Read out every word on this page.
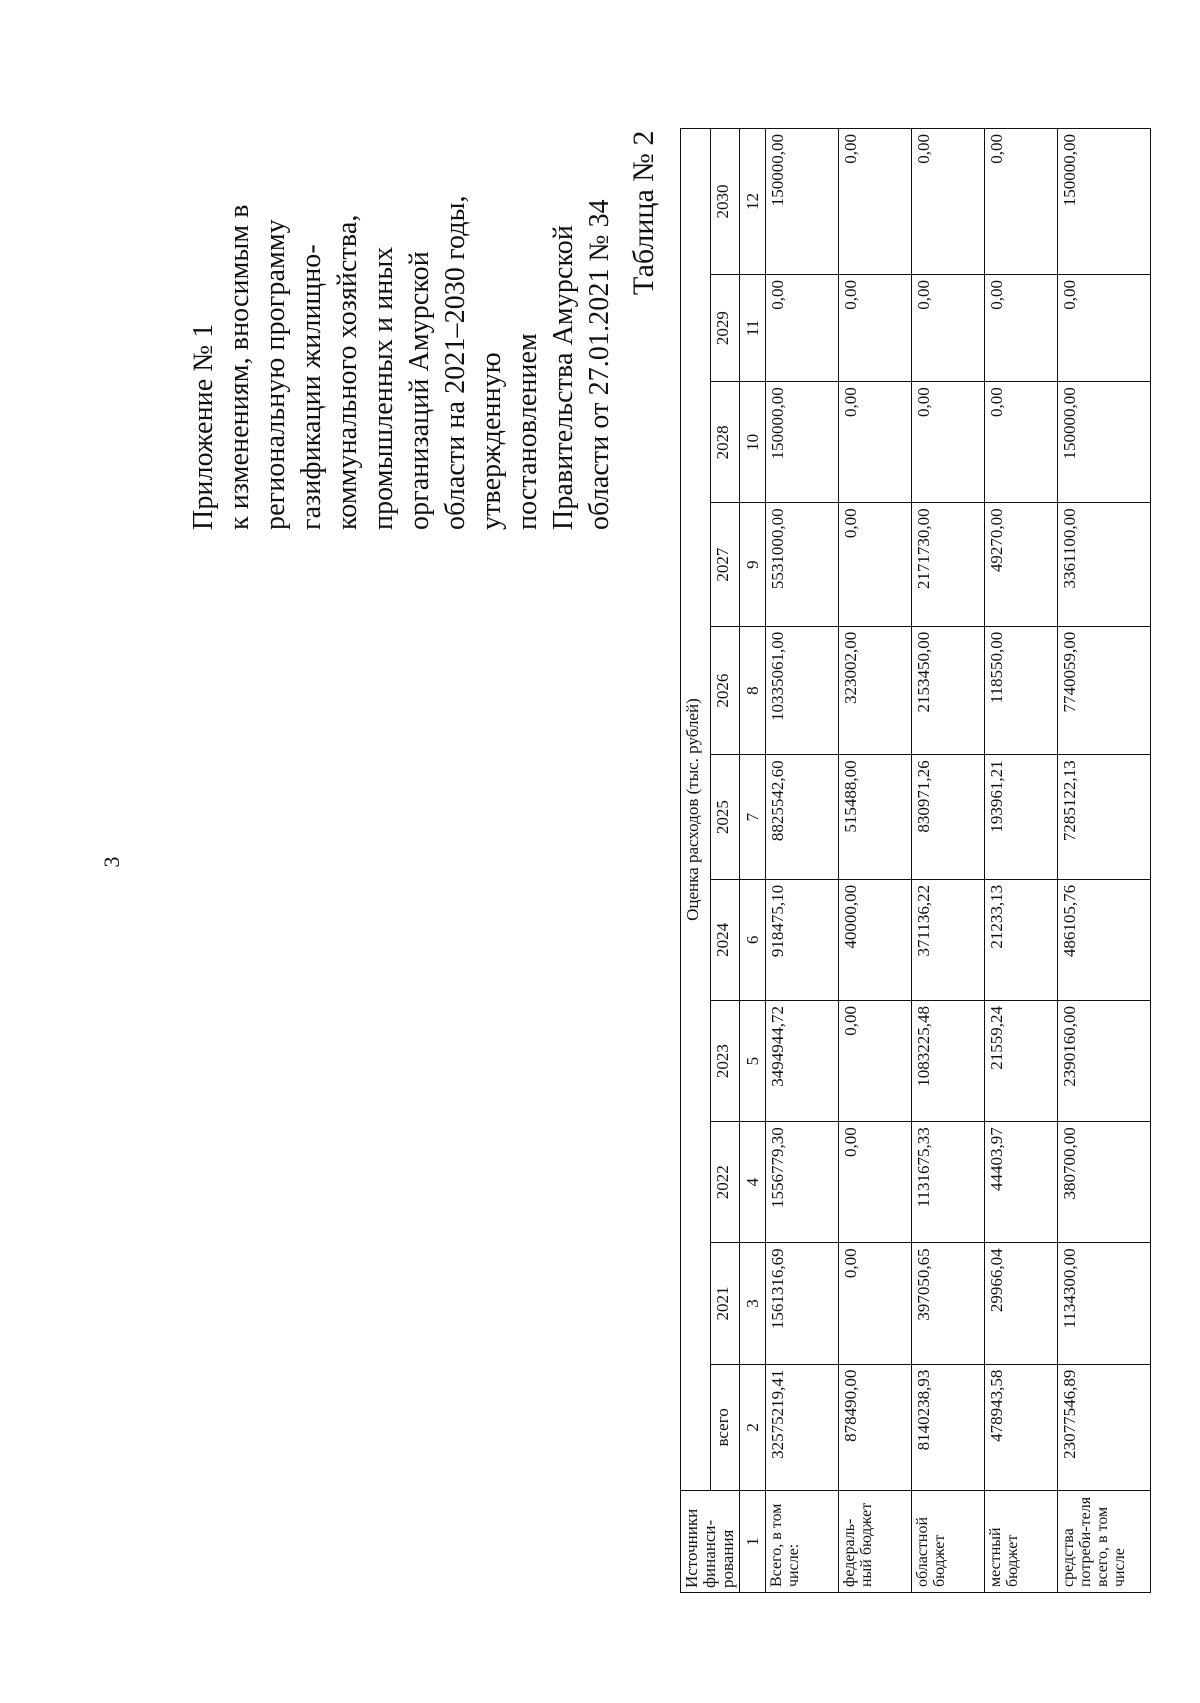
3
Приложение № 1 к изменениям, вносимым в региональную программу газификации жилищно- коммунального хозяйства, промышленных и иных организаций Амурской области на 2021–2030 годы, утвержденную постановлением Правительства Амурской области от 27.01.2021 № 34 Таблица № 2
Источники финанси-рования	Оценка расходов (тыс. рублей)										
	всего	2021	2022	2023	2024	2025	2026	2027	2028	2029	2030
1	2	3	4	5	6	7	8	9	10	11	12
Всего, в том числе:	32575219,41	1561316,69	1556779,30	3494944,72	918475,10	8825542,60	10335061,00	5531000,00	150000,00	0,00	150000,00
федераль-ный бюджет	878490,00	0,00	0,00	0,00	40000,00	515488,00	323002,00	0,00	0,00	0,00	0,00
областной бюджет	8140238,93	397050,65	1131675,33	1083225,48	371136,22	830971,26	2153450,00	2171730,00	0,00	0,00	0,00
местный бюджет	478943,58	29966,04	44403,97	21559,24	21233,13	193961,21	118550,00	49270,00	0,00	0,00	0,00
средства потреби-теля всего, в том числе	23077546,89	1134300,00	380700,00	2390160,00	486105,76	7285122,13	7740059,00	3361100,00	150000,00	0,00	150000,00
